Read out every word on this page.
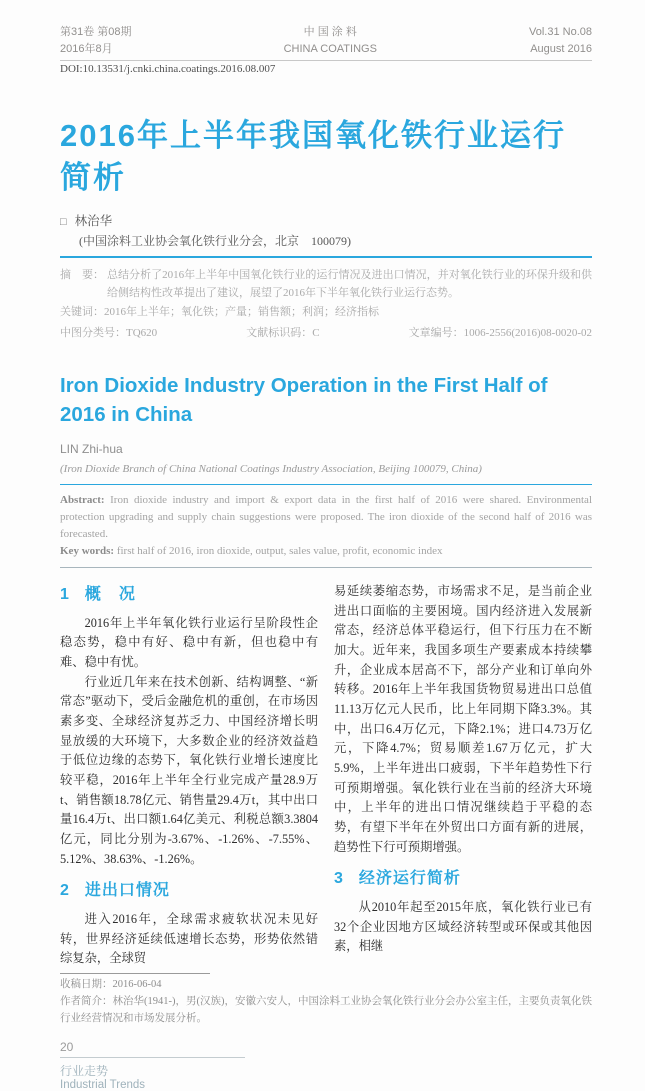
第31卷 第08期
2016年8月
中 国 涂 料
CHINA COATINGS
Vol.31 No.08
August 2016
DOI:10.13531/j.cnki.china.coatings.2016.08.007
2016年上半年我国氧化铁行业运行简析
□ 林治华
(中国涂料工业协会氧化铁行业分会，北京　100079)
摘　要： 总结分析了2016年上半年中国氧化铁行业的运行情况及进出口情况，并对氧化铁行业的环保升级和供给侧结构性改革提出了建议，展望了2016年下半年氧化铁行业运行态势。
关键词：2016年上半年；氧化铁；产量；销售额；利润；经济指标
中图分类号：TQ620	文献标识码：C	文章编号：1006-2556(2016)08-0020-02
Iron Dioxide Industry Operation in the First Half of 2016 in China
LIN Zhi-hua
(Iron Dioxide Branch of China National Coatings Industry Association, Beijing 100079, China)
Abstract: Iron dioxide industry and import & export data in the first half of 2016 were shared. Environmental protection upgrading and supply chain suggestions were proposed. The iron dioxide of the second half of 2016 was forecasted.
Key words: first half of 2016, iron dioxide, output, sales value, profit, economic index
1 概　况

2016年上半年氧化铁行业运行呈阶段性企稳态势，稳中有好、稳中有新，但也稳中有难、稳中有忧。

行业近几年来在技术创新、结构调整、“新常态”驱动下，受后金融危机的重创，在市场因素多变、全球经济复苏乏力、中国经济增长明显放缓的大环境下，大多数企业的经济效益趋于低位边缘的态势下，氧化铁行业增长速度比较平稳，2016年上半年全行业完成产量28.9万t、销售额18.78亿元、销售量29.4万t，其中出口量16.4万t、出口额1.64亿美元、利税总额3.3804亿元，同比分别为-3.67%、-1.26%、-7.55%、5.12%、38.63%、-1.26%。

2 进出口情况

进入2016年，全球需求疲软状况未见好转，世界经济延续低速增长态势，形势依然错综复杂，全球贸

易延续萎缩态势，市场需求不足，是当前企业进出口面临的主要困境。国内经济进入发展新常态，经济总体平稳运行，但下行压力在不断加大。近年来，我国多项生产要素成本持续攀升，企业成本居高不下，部分产业和订单向外转移。2016年上半年我国货物贸易进出口总值11.13万亿元人民币，比上年同期下降3.3%。其中，出口6.4万亿元，下降2.1%；进口4.73万亿元，下降4.7%；贸易顺差1.67万亿元，扩大5.9%，上半年进出口疲弱，下半年趋势性下行可预期增强。氧化铁行业在当前的经济大环境中，上半年的进出口情况继续趋于平稳的态势，有望下半年在外贸出口方面有新的进展，趋势性下行可预期增强。

3 经济运行简析

从2010年起至2015年底，氧化铁行业已有32个企业因地方区域经济转型或环保或其他因素，相继

收稿日期：2016-06-04
作者简介：林治华(1941-)，男(汉族)，安徽六安人，中国涂料工业协会氧化铁行业分会办公室主任，主要负责氧化铁行业经营情况和市场发展分析。
20
行业走势
Industrial Trends
